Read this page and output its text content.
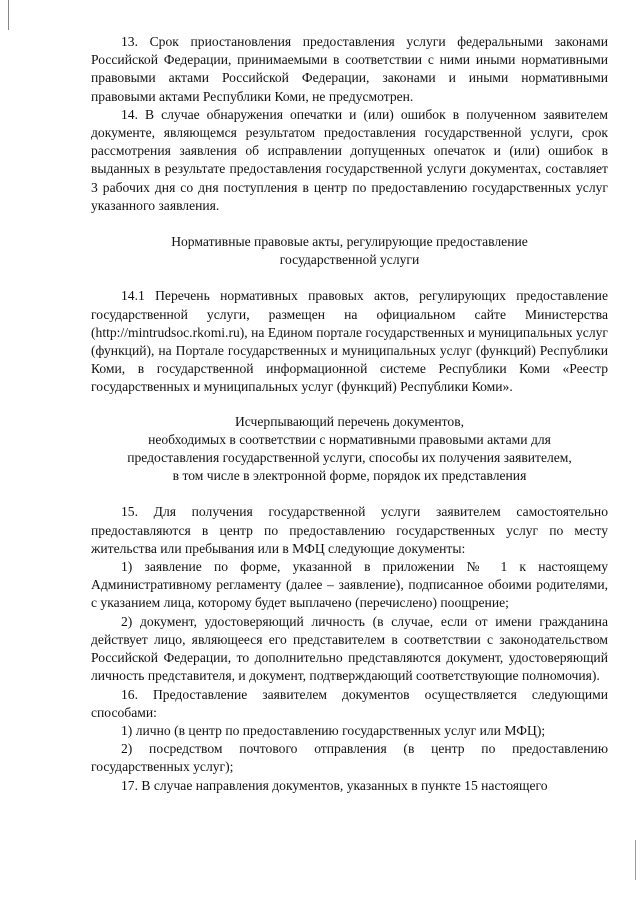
13. Срок приостановления предоставления услуги федеральными законами Российской Федерации, принимаемыми в соответствии с ними иными нормативными правовыми актами Российской Федерации, законами и иными нормативными правовыми актами Республики Коми, не предусмотрен.

14. В случае обнаружения опечатки и (или) ошибок в полученном заявителем документе, являющемся результатом предоставления государственной услуги, срок рассмотрения заявления об исправлении допущенных опечаток и (или) ошибок в выданных в результате предоставления государственной услуги документах, составляет 3 рабочих дня со дня поступления в центр по предоставлению государственных услуг указанного заявления.

Нормативные правовые акты, регулирующие предоставление

государственной услуги

14.1 Перечень нормативных правовых актов, регулирующих предоставление государственной услуги, размещен на официальном сайте Министерства (http://mintrudsoc.rkomi.ru), на Едином портале государственных и муниципальных услуг (функций), на Портале государственных и муниципальных услуг (функций) Республики Коми, в государственной информационной системе Республики Коми «Реестр государственных и муниципальных услуг (функций) Республики Коми».

Исчерпывающий перечень документов,

необходимых в соответствии с нормативными правовыми актами для

предоставления государственной услуги, способы их получения заявителем,

в том числе в электронной форме, порядок их представления

15. Для получения государственной услуги заявителем самостоятельно предоставляются в центр по предоставлению государственных услуг по месту жительства или пребывания или в МФЦ следующие документы:

1) заявление по форме, указанной в приложении № 1 к настоящему Административному регламенту (далее – заявление), подписанное обоими родителями, с указанием лица, которому будет выплачено (перечислено) поощрение;

2) документ, удостоверяющий личность (в случае, если от имени гражданина действует лицо, являющееся его представителем в соответствии с законодательством Российской Федерации, то дополнительно представляются документ, удостоверяющий личность представителя, и документ, подтверждающий соответствующие полномочия).

16. Предоставление заявителем документов осуществляется следующими способами:

1) лично (в центр по предоставлению государственных услуг или МФЦ);

2) посредством почтового отправления (в центр по предоставлению государственных услуг);

17. В случае направления документов, указанных в пункте 15 настоящего
